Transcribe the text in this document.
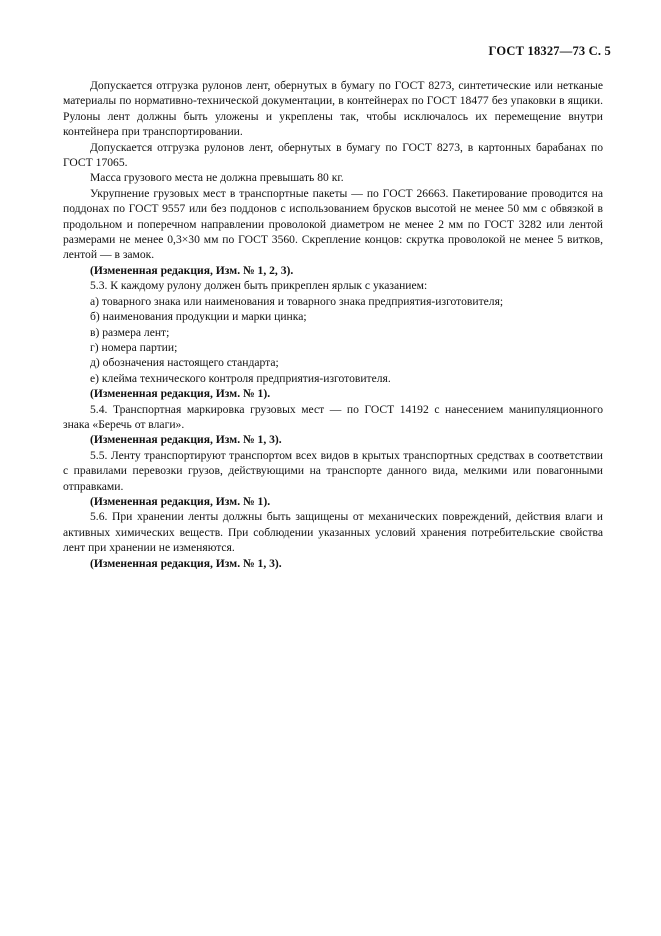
ГОСТ 18327—73 С. 5

Допускается отгрузка рулонов лент, обернутых в бумагу по ГОСТ 8273, синтетические или нетканые материалы по нормативно-технической документации, в контейнерах по ГОСТ 18477 без упаковки в ящики. Рулоны лент должны быть уложены и укреплены так, чтобы исключалось их перемещение внутри контейнера при транспортировании.

Допускается отгрузка рулонов лент, обернутых в бумагу по ГОСТ 8273, в картонных барабанах по ГОСТ 17065.

Масса грузового места не должна превышать 80 кг.

Укрупнение грузовых мест в транспортные пакеты — по ГОСТ 26663. Пакетирование проводится на поддонах по ГОСТ 9557 или без поддонов с использованием брусков высотой не менее 50 мм с обвязкой в продольном и поперечном направлении проволокой диаметром не менее 2 мм по ГОСТ 3282 или лентой размерами не менее 0,3×30 мм по ГОСТ 3560. Скрепление концов: скрутка проволокой не менее 5 витков, лентой — в замок.

(Измененная редакция, Изм. № 1, 2, 3).

5.3. К каждому рулону должен быть прикреплен ярлык с указанием:

а) товарного знака или наименования и товарного знака предприятия-изготовителя;

б) наименования продукции и марки цинка;

в) размера лент;

г) номера партии;

д) обозначения настоящего стандарта;

е) клейма технического контроля предприятия-изготовителя.

(Измененная редакция, Изм. № 1).

5.4. Транспортная маркировка грузовых мест — по ГОСТ 14192 с нанесением манипуляционного знака «Беречь от влаги».

(Измененная редакция, Изм. № 1, 3).

5.5. Ленту транспортируют транспортом всех видов в крытых транспортных средствах в соответствии с правилами перевозки грузов, действующими на транспорте данного вида, мелкими или повагонными отправками.

(Измененная редакция, Изм. № 1).

5.6. При хранении ленты должны быть защищены от механических повреждений, действия влаги и активных химических веществ. При соблюдении указанных условий хранения потребительские свойства лент при хранении не изменяются.

(Измененная редакция, Изм. № 1, 3).
